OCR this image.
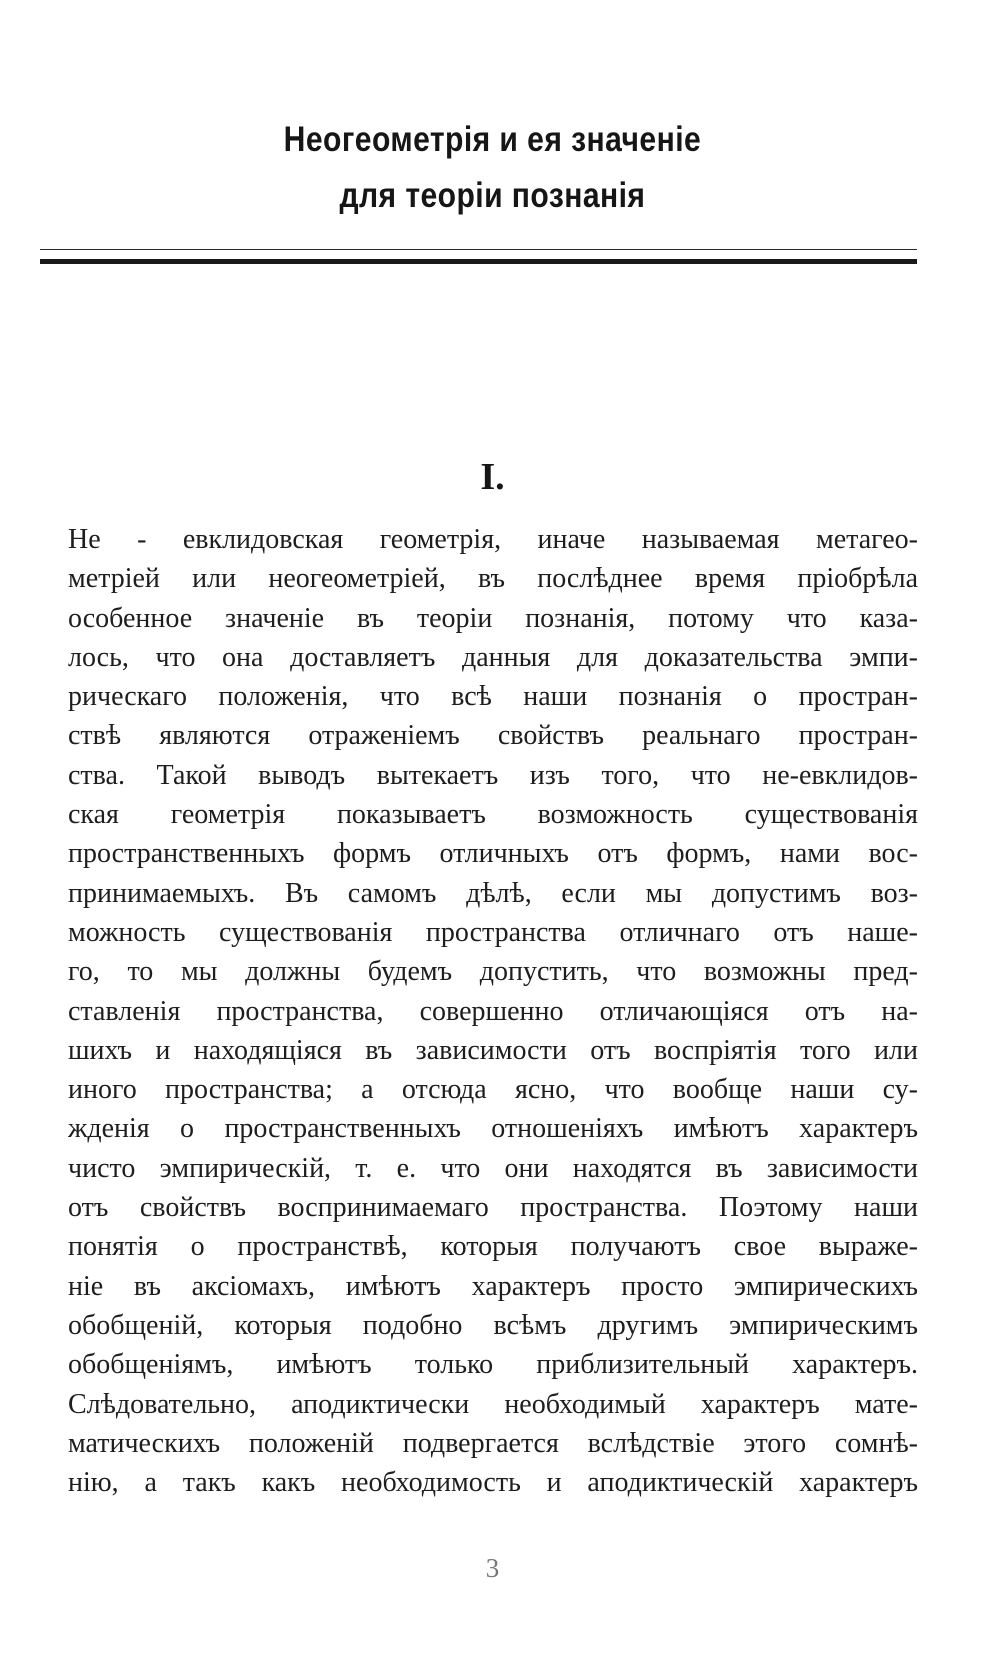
Неогеометрія и ея значеніе
для теоріи познанія
I.
Не - евклидовская геометрія, иначе называемая метагео-
метріей или неогеометріей, въ послѣднее время пріобрѣла
особенное значеніе въ теоріи познанія, потому что каза-
лось, что она доставляетъ данныя для доказательства эмпи-
рическаго положенія, что всѣ наши познанія о простран-
ствѣ являются отраженіемъ свойствъ реальнаго простран-
ства. Такой выводъ вытекаетъ изъ того, что не-евклидов-
ская геометрія показываетъ возможность существованія
пространственныхъ формъ отличныхъ отъ формъ, нами вос-
принимаемыхъ. Въ самомъ дѣлѣ, если мы допустимъ воз-
можность существованія пространства отличнаго отъ наше-
го, то мы должны будемъ допустить, что возможны пред-
ставленія пространства, совершенно отличающіяся отъ на-
шихъ и находящіяся въ зависимости отъ воспріятія того или
иного пространства; а отсюда ясно, что вообще наши су-
жденія о пространственныхъ отношеніяхъ имѣютъ характеръ
чисто эмпирическій, т. е. что они находятся въ зависимости
отъ свойствъ воспринимаемаго пространства. Поэтому наши
понятія о пространствѣ, которыя получаютъ свое выраже-
ніе въ аксіомахъ, имѣютъ характеръ просто эмпирическихъ
обобщеній, которыя подобно всѣмъ другимъ эмпирическимъ
обобщеніямъ, имѣютъ только приблизительный характеръ.
Слѣдовательно, аподиктически необходимый характеръ мате-
матическихъ положеній подвергается вслѣдствіе этого сомнѣ-
нію, а такъ какъ необходимость и аподиктическій характеръ
3
